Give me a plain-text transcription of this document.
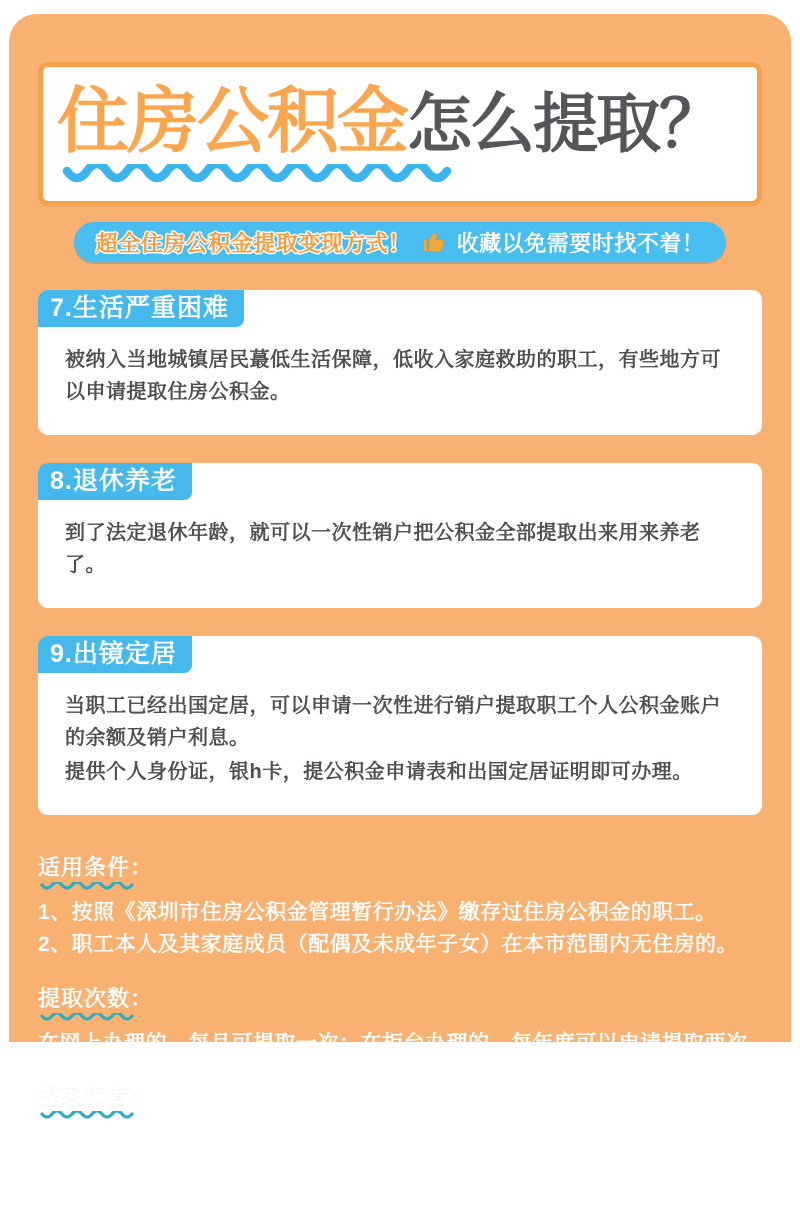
住房公积金怎么提取？
超全住房公积金提取变现方式！ 收藏以免需要时找不着！
7.生活严重困难

被纳入当地城镇居民蕞低生活保障，低收入家庭救助的职工，有些地方可以申请提取住房公积金。

8.退休养老

到了法定退休年龄，就可以一次性销户把公积金全部提取出来用来养老了。

9.出镜定居

当职工已经出国定居，可以申请一次性进行销户提取职工个人公积金账户的余额及销户利息。

提供个人身份证，银h卡，提公积金申请表和出国定居证明即可办理。

适用条件：

1、按照《深圳市住房公积金管理暂行办法》缴存过住房公积金的职工。

2、职工本人及其家庭成员（配偶及未成年子女）在本市范围内无住房的。

提取次数：

在网上办理的，每月可提取一次；在柜台办理的，每年度可以申请提取两次

提取额度：

申请当月月应缴存额×65%×可提取月份。可提取月份为上次提取的次月至本次提取的月份数，若从未办理过提取业务，则为初始缴存月份至本次提取的月份数。
